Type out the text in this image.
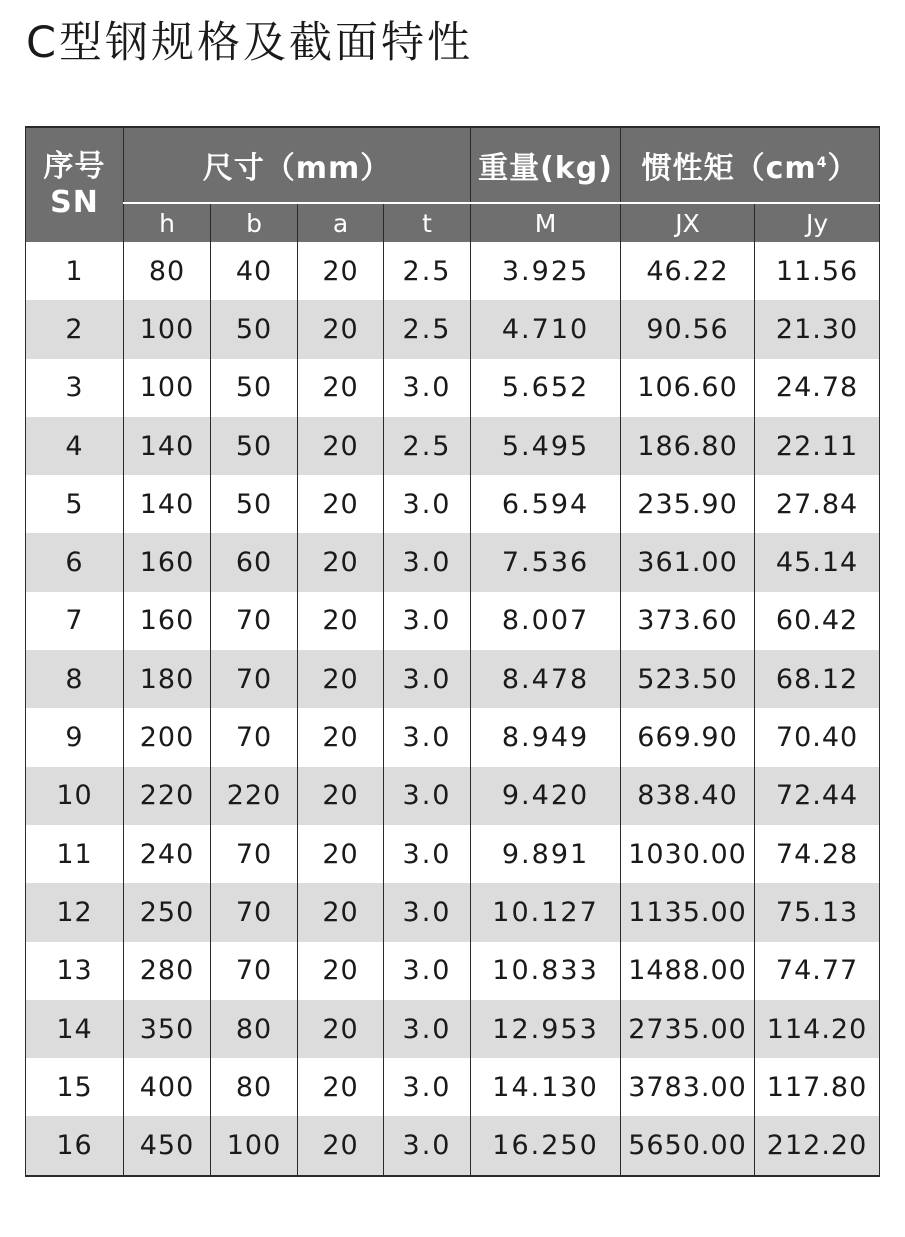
C型钢规格及截面特性
序号
SN	尺寸（mm）				重量(kg)	惯性矩$(cm^4)$	
	h	b	a	t	M	JX	Jy
1	80	40	20	2.5	3.925	46.22	11.56
2	100	50	20	2.5	4.710	90.56	21.30
3	100	50	20	3.0	5.652	106.60	24.78
4	140	50	20	2.5	5.495	186.80	22.11
5	140	50	20	3.0	6.594	235.90	27.84
6	160	60	20	3.0	7.536	361.00	45.14
7	160	70	20	3.0	8.007	373.60	60.42
8	180	70	20	3.0	8.478	523.50	68.12
9	200	70	20	3.0	8.949	669.90	70.40
10	220	220	20	3.0	9.420	838.40	72.44
11	240	70	20	3.0	9.891	1030.00	74.28
12	250	70	20	3.0	10.127	1135.00	75.13
13	280	70	20	3.0	10.833	1488.00	74.77
14	350	80	20	3.0	12.953	2735.00	114.20
15	400	80	20	3.0	14.130	3783.00	117.80
16	450	100	20	3.0	16.250	5650.00	212.20
